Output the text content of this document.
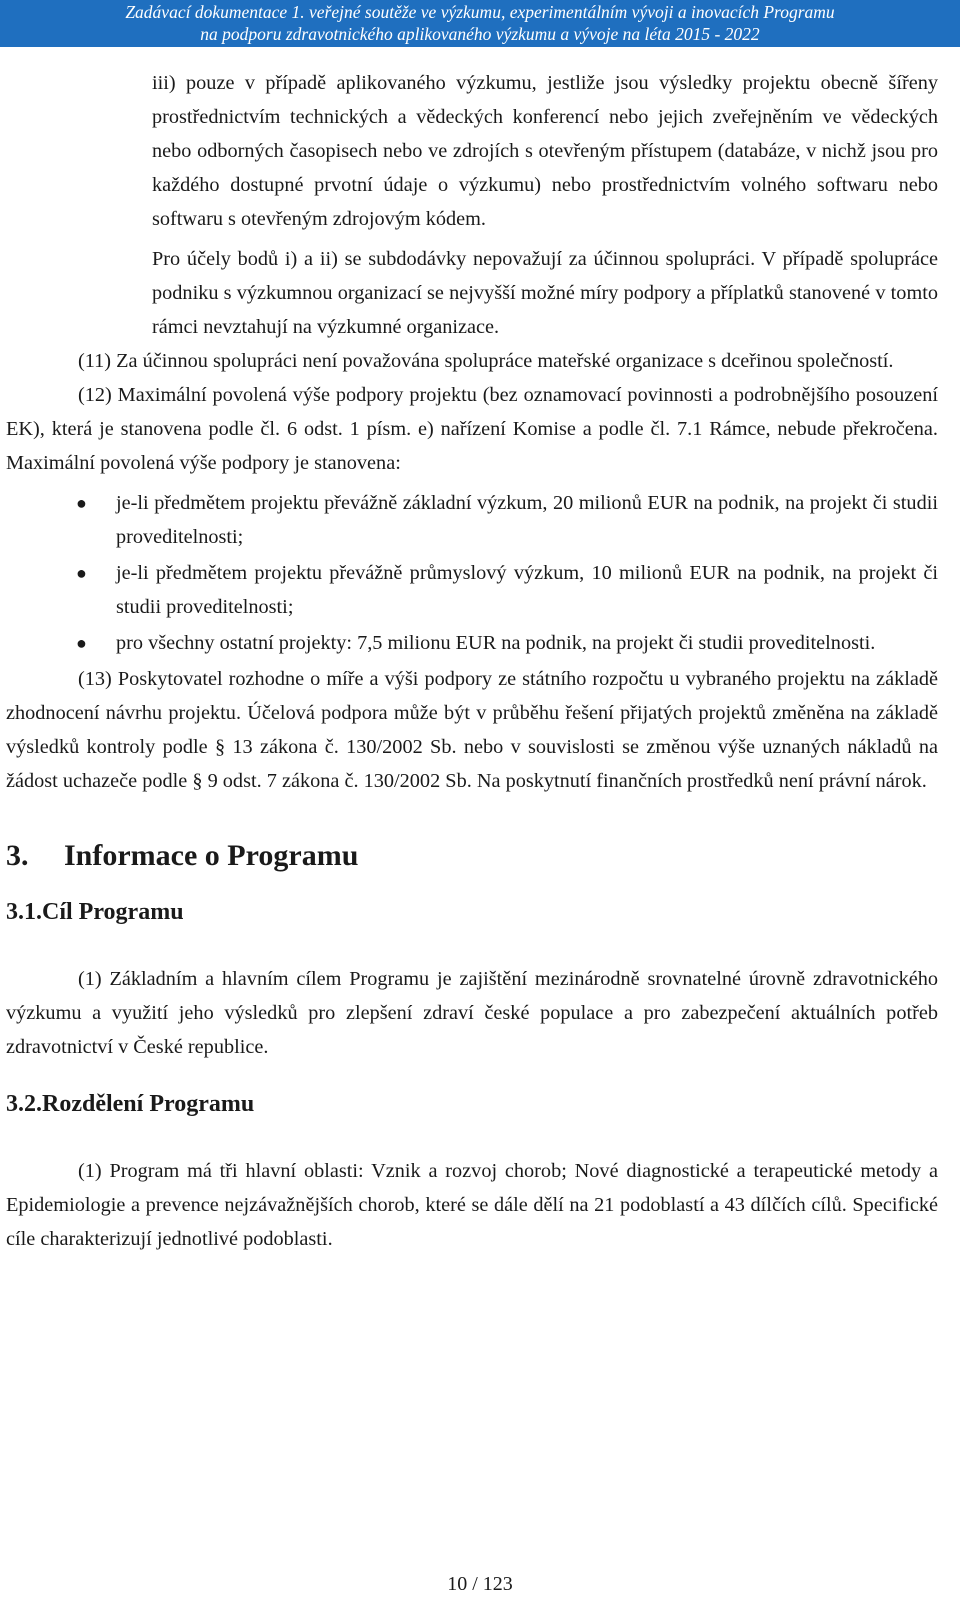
Zadávací dokumentace 1. veřejné soutěže ve výzkumu, experimentálním vývoji a inovacích Programu
na podporu zdravotnického aplikovaného výzkumu a vývoje na léta 2015 - 2022

iii) pouze v případě aplikovaného výzkumu, jestliže jsou výsledky projektu obecně šířeny prostřednictvím technických a vědeckých konferencí nebo jejich zveřejněním ve vědeckých nebo odborných časopisech nebo ve zdrojích s otevřeným přístupem (databáze, v nichž jsou pro každého dostupné prvotní údaje o výzkumu) nebo prostřednictvím volného softwaru nebo softwaru s otevřeným zdrojovým kódem.

Pro účely bodů i) a ii) se subdodávky nepovažují za účinnou spolupráci. V případě spolupráce podniku s výzkumnou organizací se nejvyšší možné míry podpory a příplatků stanovené v tomto rámci nevztahují na výzkumné organizace.

(11) Za účinnou spolupráci není považována spolupráce mateřské organizace s dceřinou společností.

(12) Maximální povolená výše podpory projektu (bez oznamovací povinnosti a podrobnějšího posouzení EK), která je stanovena podle čl. 6 odst. 1 písm. e) nařízení Komise a podle čl. 7.1 Rámce, nebude překročena. Maximální povolená výše podpory je stanovena:

● je-li předmětem projektu převážně základní výzkum, 20 milionů EUR na podnik, na projekt či studii proveditelnosti;
● je-li předmětem projektu převážně průmyslový výzkum, 10 milionů EUR na podnik, na projekt či studii proveditelnosti;
● pro všechny ostatní projekty: 7,5 milionu EUR na podnik, na projekt či studii proveditelnosti.

(13) Poskytovatel rozhodne o míře a výši podpory ze státního rozpočtu u vybraného projektu na základě zhodnocení návrhu projektu. Účelová podpora může být v průběhu řešení přijatých projektů změněna na základě výsledků kontroly podle § 13 zákona č. 130/2002 Sb. nebo v souvislosti se změnou výše uznaných nákladů na žádost uchazeče podle § 9 odst. 7 zákona č. 130/2002 Sb. Na poskytnutí finančních prostředků není právní nárok.

3. Informace o Programu
3.1.Cíl Programu

(1) Základním a hlavním cílem Programu je zajištění mezinárodně srovnatelné úrovně zdravotnického výzkumu a využití jeho výsledků pro zlepšení zdraví české populace a pro zabezpečení aktuálních potřeb zdravotnictví v České republice.

3.2.Rozdělení Programu

(1) Program má tři hlavní oblasti: Vznik a rozvoj chorob; Nové diagnostické a terapeutické metody a Epidemiologie a prevence nejzávažnějších chorob, které se dále dělí na 21 podoblastí a 43 dílčích cílů. Specifické cíle charakterizují jednotlivé podoblasti.

10 / 123
